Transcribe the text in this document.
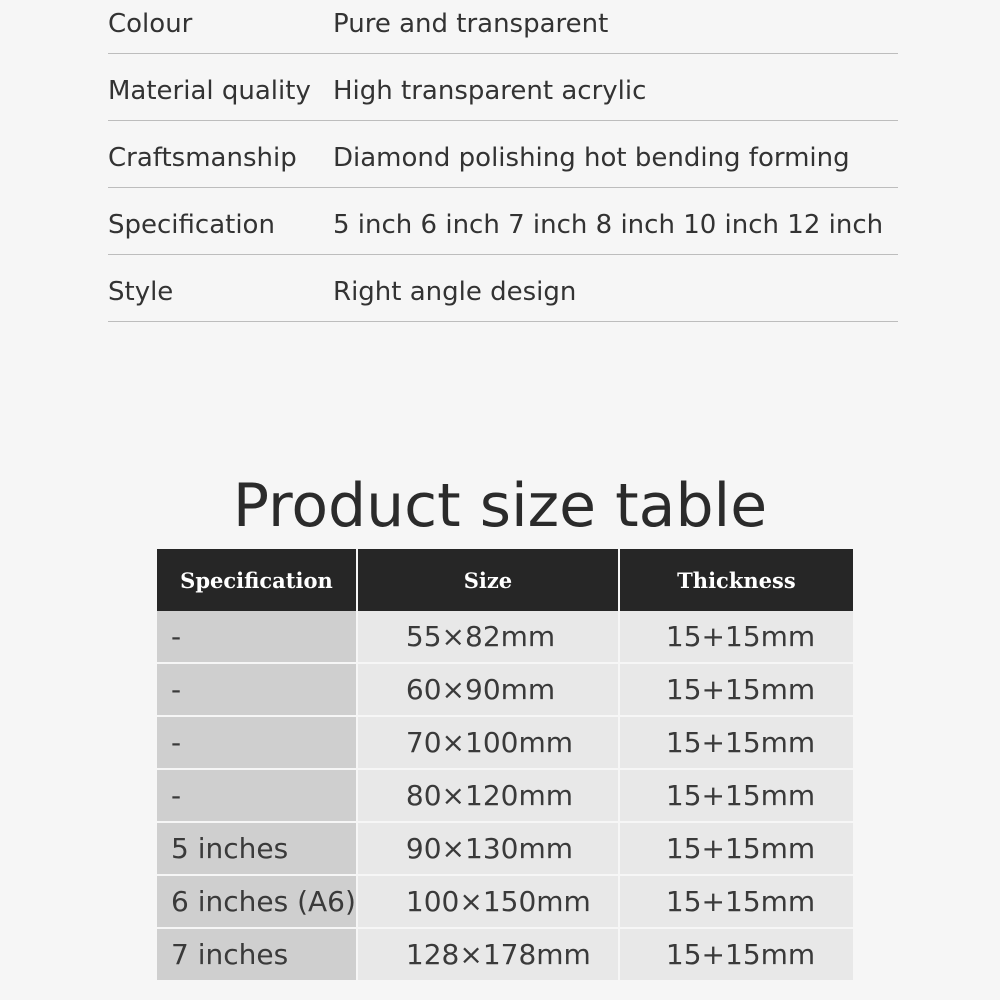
Colour	Pure and transparent
Material quality High transparent acrylic
Craftsmanship Diamond polishing hot bending forming
Specification 5 inch 6 inch 7 inch 8 inch 10 inch 12 inch
Style	Right angle design
Product size table
Specification	Size	Thickness
-	55×82mm	15+15mm
-	60×90mm	15+15mm
-	70×100mm	15+15mm
-	80×120mm	15+15mm
5 inches	90×130mm	15+15mm
6 inches (A6)	100×150mm	15+15mm
7 inches	128×178mm	15+15mm
